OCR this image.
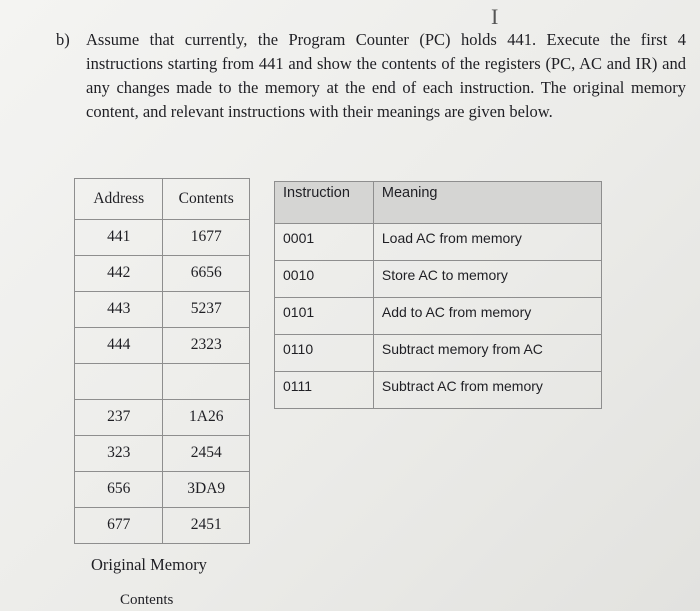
I
b) Assume that currently, the Program Counter (PC) holds 441. Execute the first 4 instructions starting from 441 and show the contents of the registers (PC, AC and IR) and any changes made to the memory at the end of each instruction. The original memory content, and relevant instructions with their meanings are given below.
Address	Contents
441	1677
442	6656
443	5237
444	2323

237	1A26
323	2454
656	3DA9
677	2451
Instruction	Meaning
0001	Load AC from memory
0010	Store AC to memory
0101	Add to AC from memory
0110	Subtract memory from AC
0111	Subtract AC from memory
Original Memory
Contents
